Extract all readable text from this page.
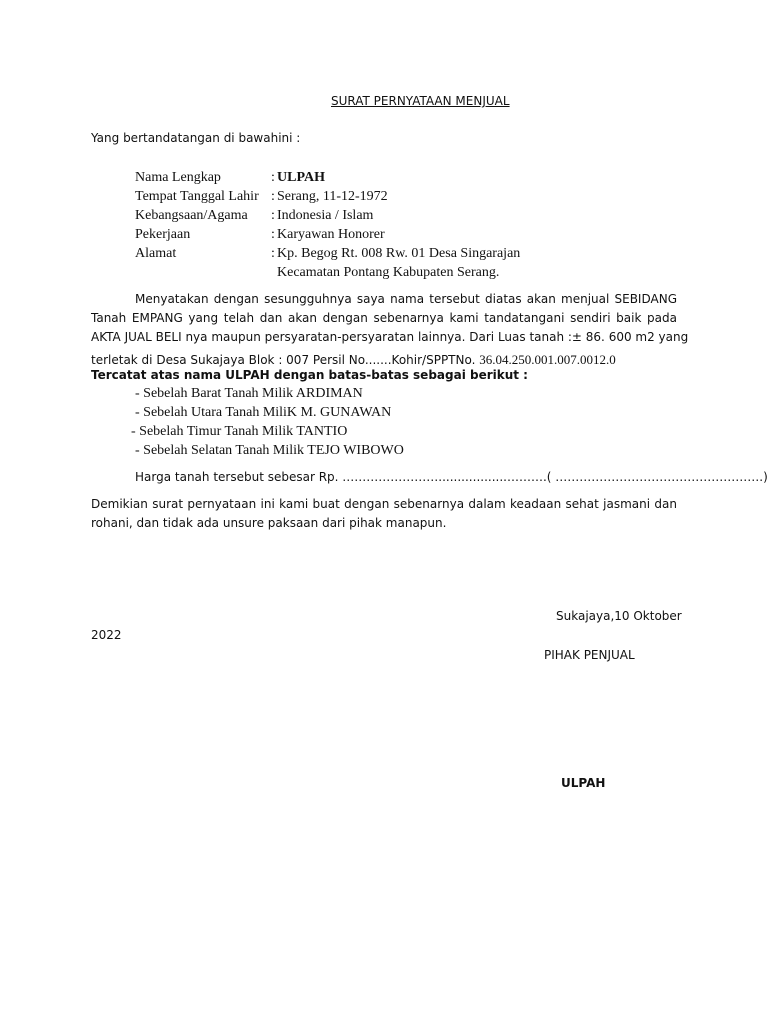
SURAT PERNYATAAN MENJUAL
Yang bertandatangan di bawahini :
Nama Lengkap	: ULPAH
Tempat Tanggal Lahir : Serang, 11-12-1972
Kebangsaan/Agama : Indonesia / Islam
Pekerjaan	: Karyawan Honorer
Alamat	: Kp. Begog Rt. 008 Rw. 01 Desa Singarajan
Kecamatan Pontang Kabupaten Serang.
Menyatakan dengan sesungguhnya saya nama tersebut diatas akan menjual SEBIDANG
Tanah EMPANG yang telah dan akan dengan sebenarnya kami tandatangani sendiri baik pada
AKTA JUAL BELI nya maupun persyaratan-persyaratan lainnya. Dari Luas tanah :± 86. 600 m2 yang
terletak di Desa Sukajaya Blok : 007 Persil No.......Kohir/SPPTNo. 36.04.250.001.007.0012.0
Tercatat atas nama ULPAH dengan batas-batas sebagai berikut :
- Sebelah Barat Tanah Milik ARDIMAN
- Sebelah Utara Tanah MiliK M. GUNAWAN
- Sebelah Timur Tanah Milik TANTIO
- Sebelah Selatan Tanah Milik TEJO WIBOWO
Harga tanah tersebut sebesar Rp. ……………………..................……….( …………………………………………….)
Demikian surat pernyataan ini kami buat dengan sebenarnya dalam keadaan sehat jasmani dan
rohani, dan tidak ada unsure paksaan dari pihak manapun.
Sukajaya,10 Oktober
2022
PIHAK PENJUAL
ULPAH
